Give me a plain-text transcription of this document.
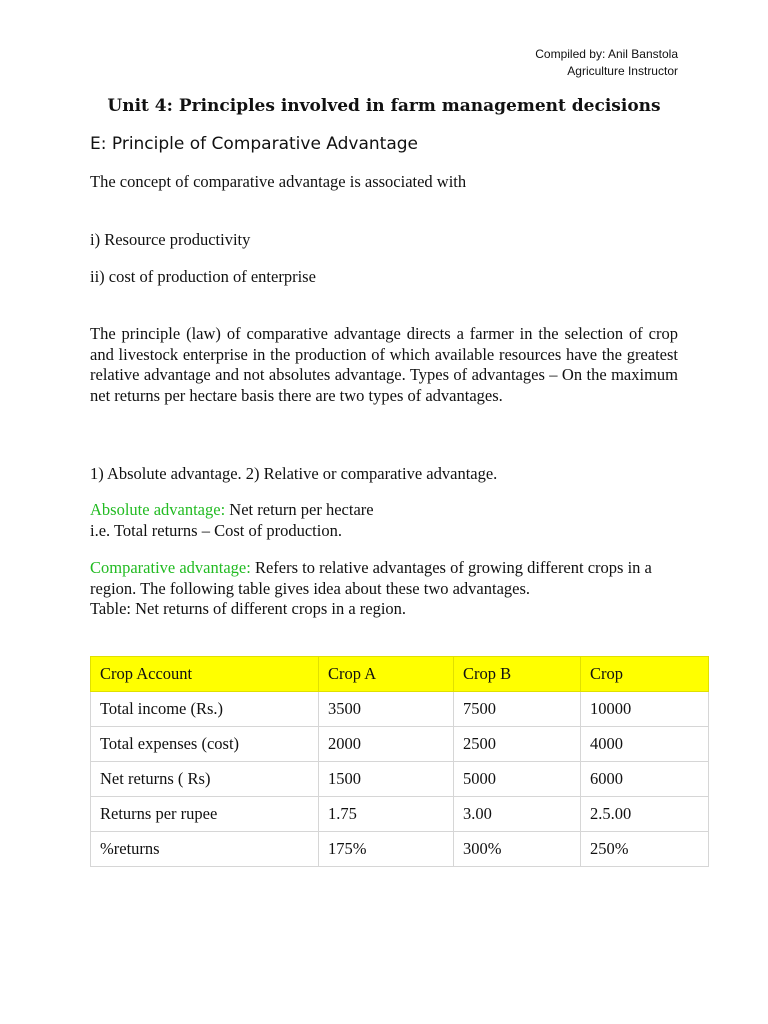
Compiled by: Anil Banstola
Agriculture Instructor
Unit 4: Principles involved in farm management decisions
E: Principle of Comparative Advantage
The concept of comparative advantage is associated with
i) Resource productivity
ii) cost of production of enterprise
The principle (law) of comparative advantage directs a farmer in the selection of crop and livestock enterprise in the production of which available resources have the greatest relative advantage and not absolutes advantage. Types of advantages – On the maximum net returns per hectare basis there are two types of advantages.
1) Absolute advantage. 2) Relative or comparative advantage.
Absolute advantage: Net return per hectare
i.e. Total returns – Cost of production.
Comparative advantage: Refers to relative advantages of growing different crops in a region. The following table gives idea about these two advantages.
Table: Net returns of different crops in a region.
Crop Account	Crop A	Crop B	Crop
Total income (Rs.)	3500	7500	10000
Total expenses (cost)	2000	2500	4000
Net returns ( Rs)	1500	5000	6000
Returns per rupee	1.75	3.00	2.5.00
%returns	175%	300%	250%
